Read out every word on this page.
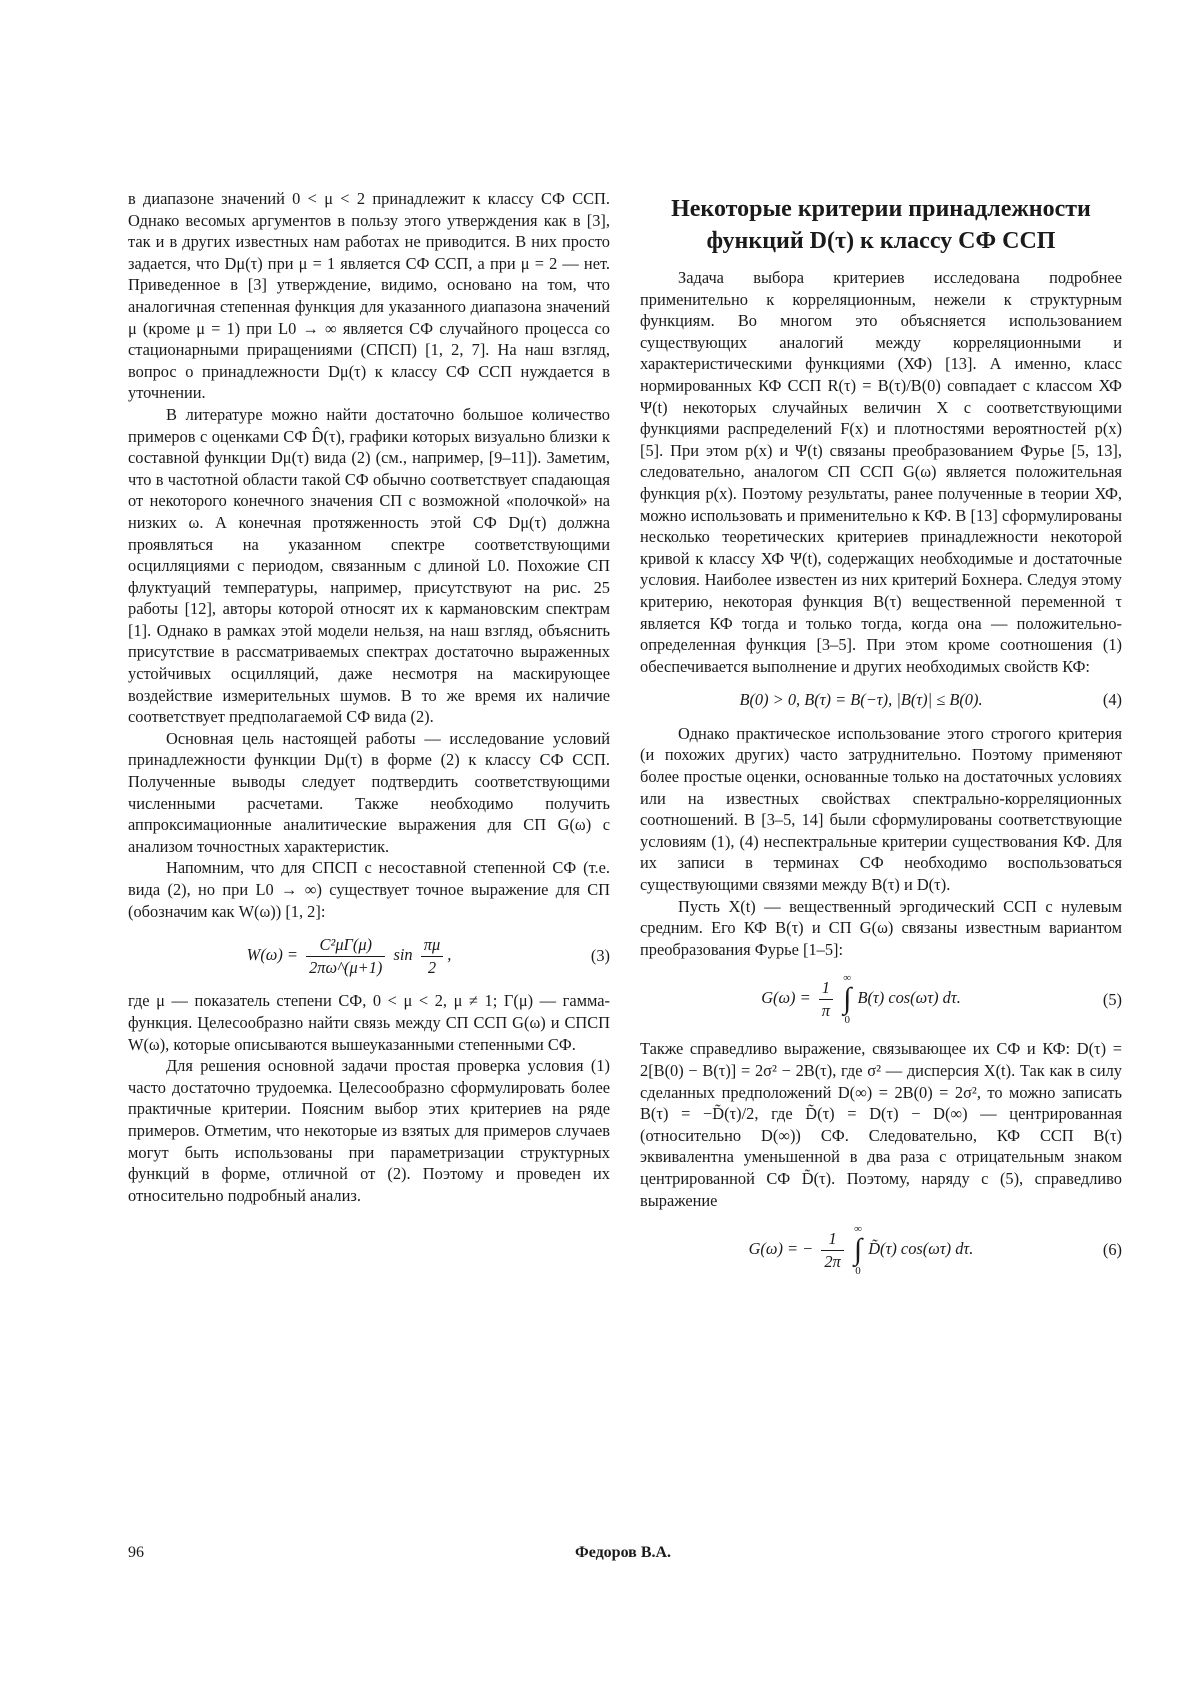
в диапазоне значений 0 < μ < 2 принадлежит к классу СФ ССП. Однако весомых аргументов в пользу этого утверждения как в [3], так и в других известных нам работах не приводится. В них просто задается, что Dμ(τ) при μ = 1 является СФ ССП, а при μ = 2 — нет. Приведенное в [3] утверждение, видимо, основано на том, что аналогичная степенная функция для указанного диапазона значений μ (кроме μ = 1) при L0 → ∞ является СФ случайного процесса со стационарными приращениями (СПСП) [1, 2, 7]. На наш взгляд, вопрос о принадлежности Dμ(τ) к классу СФ ССП нуждается в уточнении.

В литературе можно найти достаточно большое количество примеров с оценками СФ D̂(τ), графики которых визуально близки к составной функции Dμ(τ) вида (2) (см., например, [9–11]). Заметим, что в частотной области такой СФ обычно соответствует спадающая от некоторого конечного значения СП с возможной «полочкой» на низких ω. А конечная протяженность этой СФ Dμ(τ) должна проявляться на указанном спектре соответствующими осцилляциями с периодом, связанным с длиной L0. Похожие СП флуктуаций температуры, например, присутствуют на рис. 25 работы [12], авторы которой относят их к кармановским спектрам [1]. Однако в рамках этой модели нельзя, на наш взгляд, объяснить присутствие в рассматриваемых спектрах достаточно выраженных устойчивых осцилляций, даже несмотря на маскирующее воздействие измерительных шумов. В то же время их наличие соответствует предполагаемой СФ вида (2).

Основная цель настоящей работы — исследование условий принадлежности функции Dμ(τ) в форме (2) к классу СФ ССП. Полученные выводы следует подтвердить соответствующими численными расчетами. Также необходимо получить аппроксимационные аналитические выражения для СП G(ω) с анализом точностных характеристик.

Напомним, что для СПСП с несоставной степенной СФ (т.е. вида (2), но при L0 → ∞) существует точное выражение для СП (обозначим как W(ω)) [1, 2]:

$W(\omega) = \frac{\text{C²μΓ(μ)}}{2\pi\omega\^{}(\mu+1)}$ $\sin \frac{\pi\mu}{2}$ ,	(3)

где μ — показатель степени СФ, 0 < μ < 2, μ ≠ 1; Γ(μ) — гамма-функция. Целесообразно найти связь между СП ССП G(ω) и СПСП W(ω), которые описываются вышеуказанными степенными СФ.

Для решения основной задачи простая проверка условия (1) часто достаточно трудоемка. Целесообразно сформулировать более практичные критерии. Поясним выбор этих критериев на ряде примеров. Отметим, что некоторые из взятых для примеров случаев могут быть использованы при параметризации структурных функций в форме, отличной от (2). Поэтому и проведен их относительно подробный анализ.

Некоторые критерии принадлежности функций D(τ) к классу СФ ССП

Задача выбора критериев исследована подробнее применительно к корреляционным, нежели к структурным функциям. Во многом это объясняется использованием существующих аналогий между корреляционными и характеристическими функциями (ХФ) [13]. А именно, класс нормированных КФ ССП R(τ) = B(τ)/B(0) совпадает с классом ХФ Ψ(t) некоторых случайных величин X с соответствующими функциями распределений F(x) и плотностями вероятностей p(x) [5]. При этом p(x) и Ψ(t) связаны преобразованием Фурье [5, 13], следовательно, аналогом СП ССП G(ω) является положительная функция p(x). Поэтому результаты, ранее полученные в теории ХФ, можно использовать и применительно к КФ. В [13] сформулированы несколько теоретических критериев принадлежности некоторой кривой к классу ХФ Ψ(t), содержащих необходимые и достаточные условия. Наиболее известен из них критерий Бохнера. Следуя этому критерию, некоторая функция B(τ) вещественной переменной τ является КФ тогда и только тогда, когда она — положительно-определенная функция [3–5]. При этом кроме соотношения (1) обеспечивается выполнение и других необходимых свойств КФ:

B(0) > 0, B(τ) = B(−τ), |B(τ)| ≤ B(0).	(4)

Однако практическое использование этого строгого критерия (и похожих других) часто затруднительно. Поэтому применяют более простые оценки, основанные только на достаточных условиях или на известных свойствах спектрально-корреляционных соотношений. В [3–5, 14] были сформулированы соответствующие условиям (1), (4) неспектральные критерии существования КФ. Для их записи в терминах СФ необходимо воспользоваться существующими связями между B(τ) и D(τ).

Пусть X(t) — вещественный эргодический ССП с нулевым средним. Его КФ B(τ) и СП G(ω) связаны известным вариантом преобразования Фурье [1–5]:

$G(\omega) = \frac{1}{\pi}$
∞
∫
0
B(τ) cos(ωτ) dτ.	(5)

Также справедливо выражение, связывающее их СФ и КФ: D(τ) = 2[B(0) − B(τ)] = 2σ² − 2B(τ), где σ² — дисперсия X(t). Так как в силу сделанных предположений D(∞) = 2B(0) = 2σ², то можно записать B(τ) = −D̃(τ)/2, где D̃(τ) = D(τ) − D(∞) — центрированная (относительно D(∞)) СФ. Следовательно, КФ ССП B(τ) эквивалентна уменьшенной в два раза с отрицательным знаком центрированной СФ D̃(τ). Поэтому, наряду с (5), справедливо выражение

G(ω) = − $\frac{1}{2\pi}$
∞
∫
0
D̃(τ) cos(ωτ) dτ.	(6)
96	Федоров В.А.
